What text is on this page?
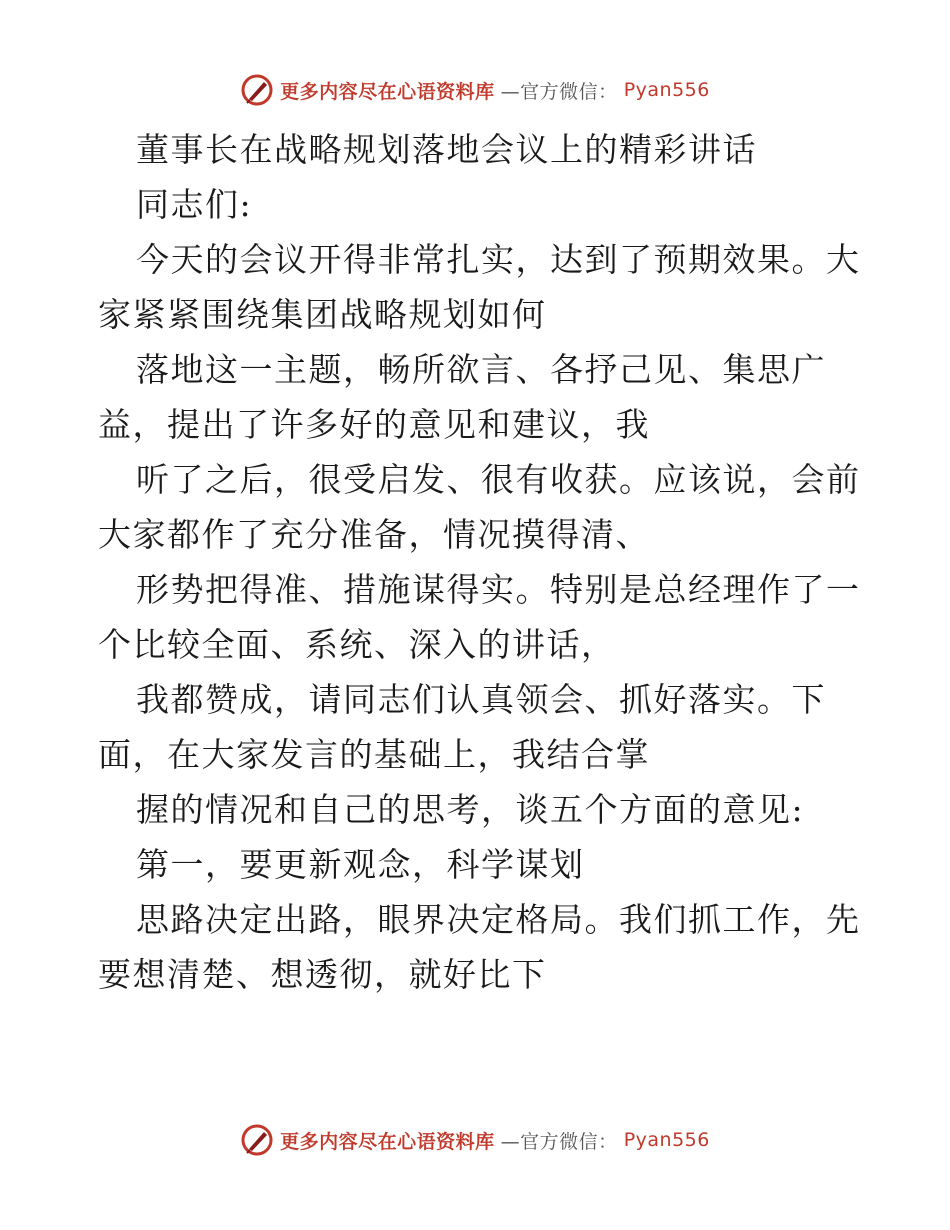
更多内容尽在心语资料库 —官方微信： Pyan556
董事长在战略规划落地会议上的精彩讲话
同志们:
今天的会议开得非常扎实，达到了预期效果。大
家紧紧围绕集团战略规划如何
落地这一主题，畅所欲言、各抒己见、集思广
益，提出了许多好的意见和建议，我
听了之后，很受启发、很有收获。应该说，会前
大家都作了充分准备，情况摸得清、
形势把得准、措施谋得实。特别是总经理作了一
个比较全面、系统、深入的讲话，
我都赞成，请同志们认真领会、抓好落实。下
面，在大家发言的基础上，我结合掌
握的情况和自己的思考，谈五个方面的意见:
第一，要更新观念，科学谋划
思路决定出路，眼界决定格局。我们抓工作，先
要想清楚、想透彻，就好比下
更多内容尽在心语资料库 —官方微信： Pyan556
